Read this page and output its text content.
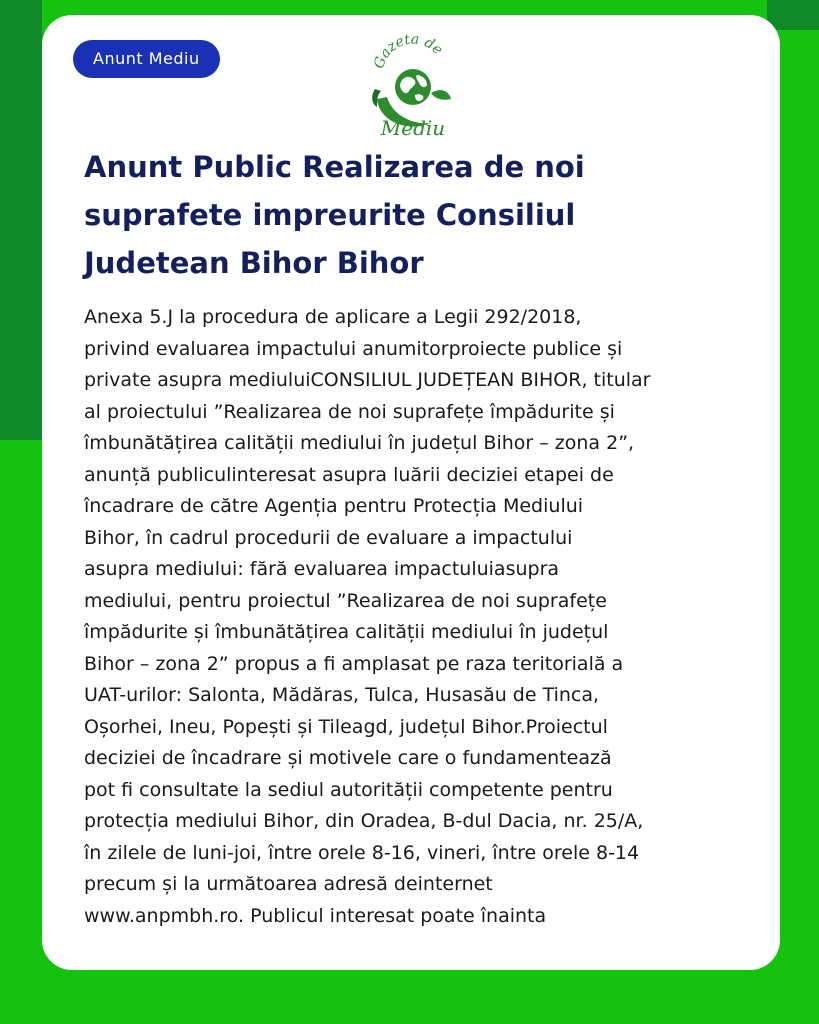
Anunt Mediu	Gazeta de
Mediu
Anunt Public Realizarea de noi suprafete impreurite Consiliul Judetean Bihor Bihor

Anexa 5.J la procedura de aplicare a Legii 292/2018,
privind evaluarea impactului anumitorproiecte publice și
private asupra mediuluiCONSILIUL JUDEȚEAN BIHOR, titular
al proiectului ”Realizarea de noi suprafețe împădurite și
îmbunătățirea calității mediului în județul Bihor – zona 2”,
anunță publiculinteresat asupra luării deciziei etapei de
încadrare de către Agenția pentru Protecția Mediului
Bihor, în cadrul procedurii de evaluare a impactului
asupra mediului: fără evaluarea impactuluiasupra
mediului, pentru proiectul ”Realizarea de noi suprafețe
împădurite și îmbunătățirea calității mediului în județul
Bihor – zona 2” propus a fi amplasat pe raza teritorială a
UAT-urilor: Salonta, Mădăras, Tulca, Husasău de Tinca,
Oșorhei, Ineu, Popești și Tileagd, județul Bihor.Proiectul
deciziei de încadrare și motivele care o fundamentează
pot fi consultate la sediul autorității competente pentru
protecția mediului Bihor, din Oradea, B-dul Dacia, nr. 25/A,
în zilele de luni-joi, între orele 8-16, vineri, între orele 8-14
precum și la următoarea adresă deinternet
www.anpmbh.ro. Publicul interesat poate înainta
